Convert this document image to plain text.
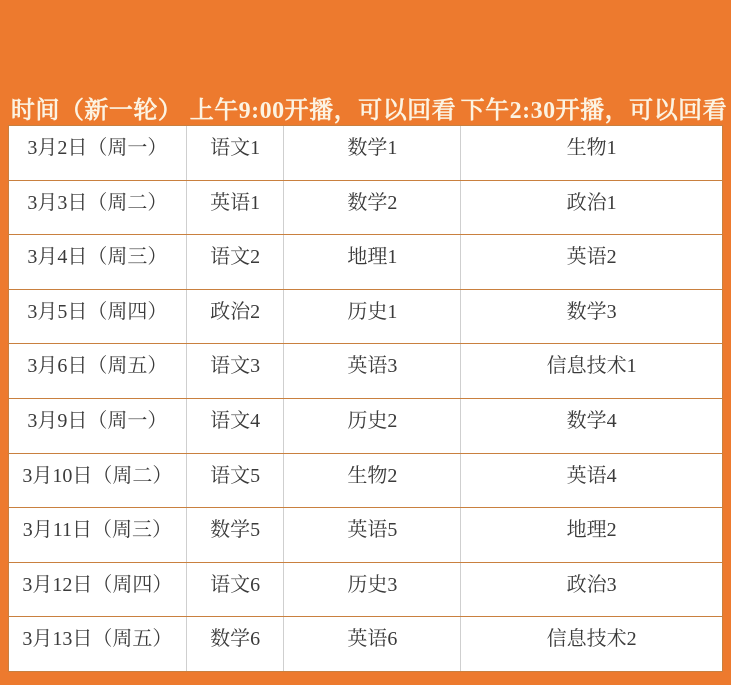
时间（新一轮） 上午9:00开播，可以回看 下午2:30开播，可以回看
3月2日（周一）	语文1	数学1	生物1
3月3日（周二）	英语1	数学2	政治1
3月4日（周三）	语文2	地理1	英语2
3月5日（周四）	政治2	历史1	数学3
3月6日（周五）	语文3	英语3	信息技术1
3月9日（周一）	语文4	历史2	数学4
3月10日（周二）	语文5	生物2	英语4
3月11日（周三）	数学5	英语5	地理2
3月12日（周四）	语文6	历史3	政治3
3月13日（周五）	数学6	英语6	信息技术2
